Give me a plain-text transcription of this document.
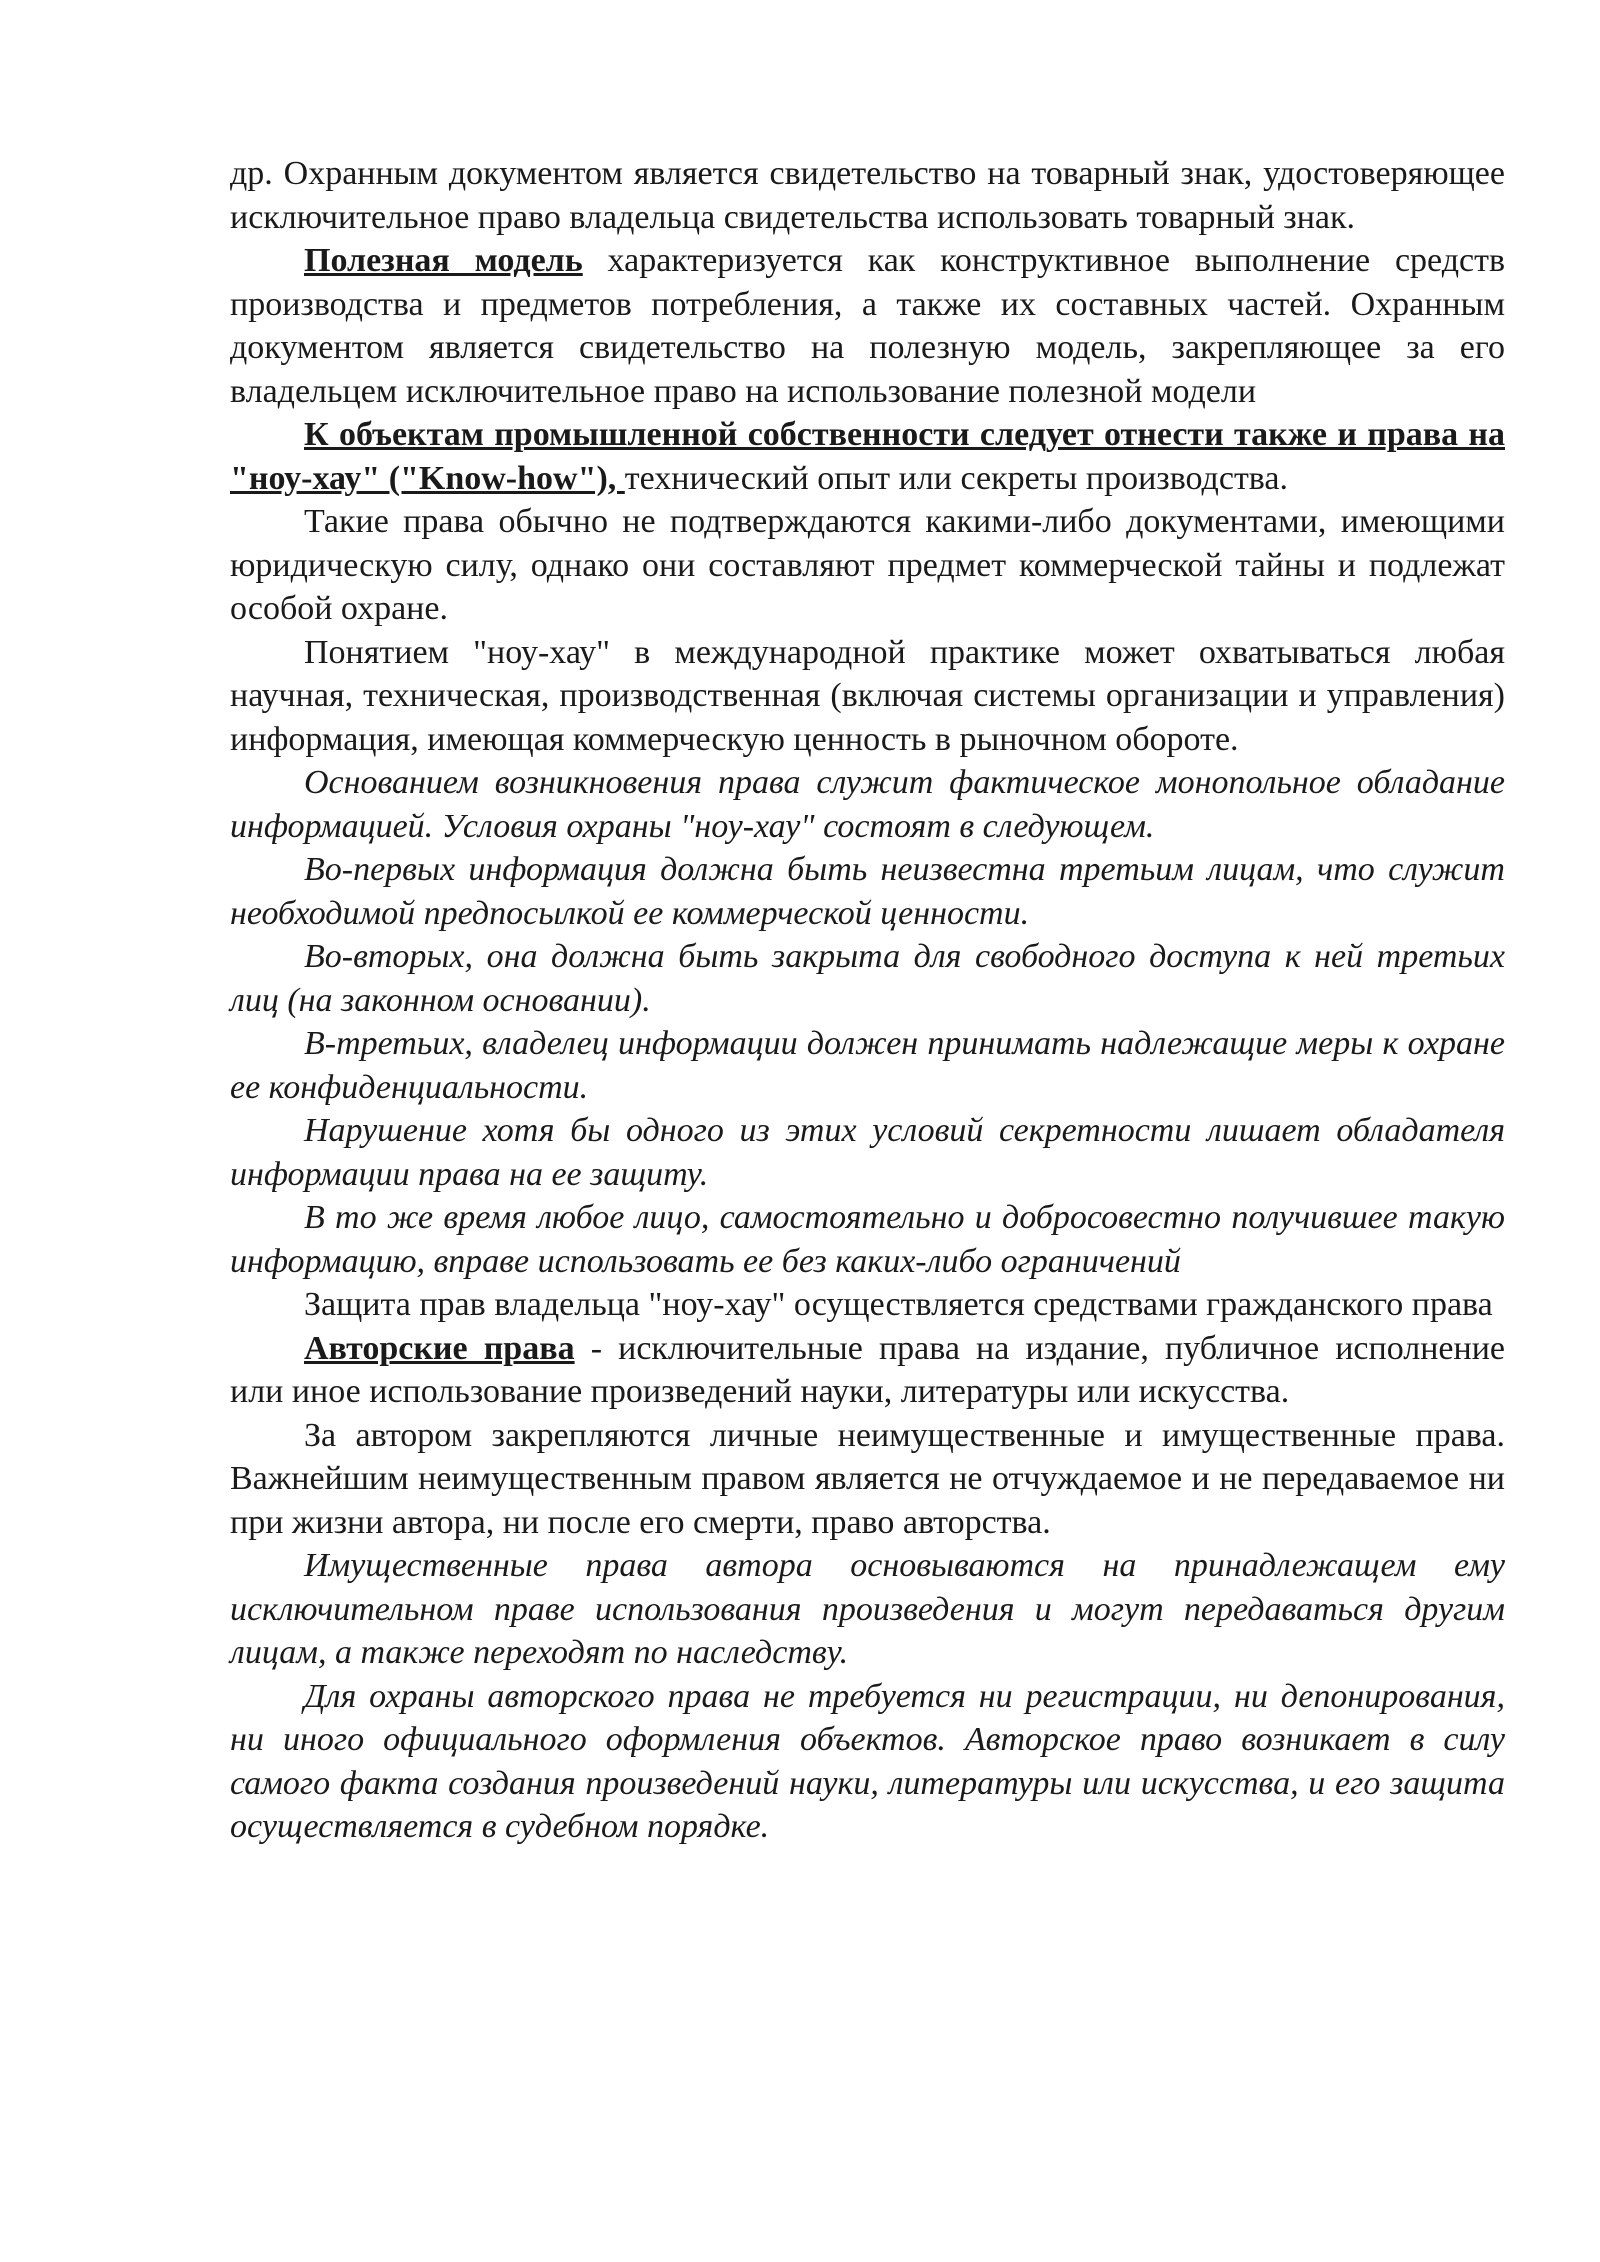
др. Охранным документом является свидетельство на товарный знак, удостоверяющее исключительное право владельца свидетельства использовать товарный знак.

Полезная модель характеризуется как конструктивное выполнение средств производства и предметов потребления, а также их составных частей. Охранным документом является свидетельство на полезную модель, закрепляющее за его владельцем исключительное право на использование полезной модели

К объектам промышленной собственности следует отнести также и права на "ноу-хау" ("Know-how"), технический опыт или секреты производства.

Такие права обычно не подтверждаются какими-либо документами, имеющими юридическую силу, однако они составляют предмет коммерческой тайны и подлежат особой охране.

Понятием "ноу-хау" в международной практике может охватываться любая научная, техническая, производственная (включая системы организации и управления) информация, имеющая коммерческую ценность в рыночном обороте.

Основанием возникновения права служит фактическое монопольное обладание информацией. Условия охраны "ноу-хау" состоят в следующем.

Во-первых информация должна быть неизвестна третьим лицам, что служит необходимой предпосылкой ее коммерческой ценности.

Во-вторых, она должна быть закрыта для свободного доступа к ней третьих лиц (на законном основании).

В-третьих, владелец информации должен принимать надлежащие меры к охране ее конфиденциальности.

Нарушение хотя бы одного из этих условий секретности лишает обладателя информации права на ее защиту.

В то же время любое лицо, самостоятельно и добросовестно получившее такую информацию, вправе использовать ее без каких-либо ограничений

Защита прав владельца "ноу-хау" осуществляется средствами гражданского права

Авторские права - исключительные права на издание, публичное исполнение или иное использование произведений науки, литературы или искусства.

За автором закрепляются личные неимущественные и имущественные права. Важнейшим неимущественным правом является не отчуждаемое и не передаваемое ни при жизни автора, ни после его смерти, право авторства.

Имущественные права автора основываются на принадлежащем ему исключительном праве использования произведения и могут передаваться другим лицам, а также переходят по наследству.

Для охраны авторского права не требуется ни регистрации, ни депонирования, ни иного официального оформления объектов. Авторское право возникает в силу самого факта создания произведений науки, литературы или искусства, и его защита осуществляется в судебном порядке.
